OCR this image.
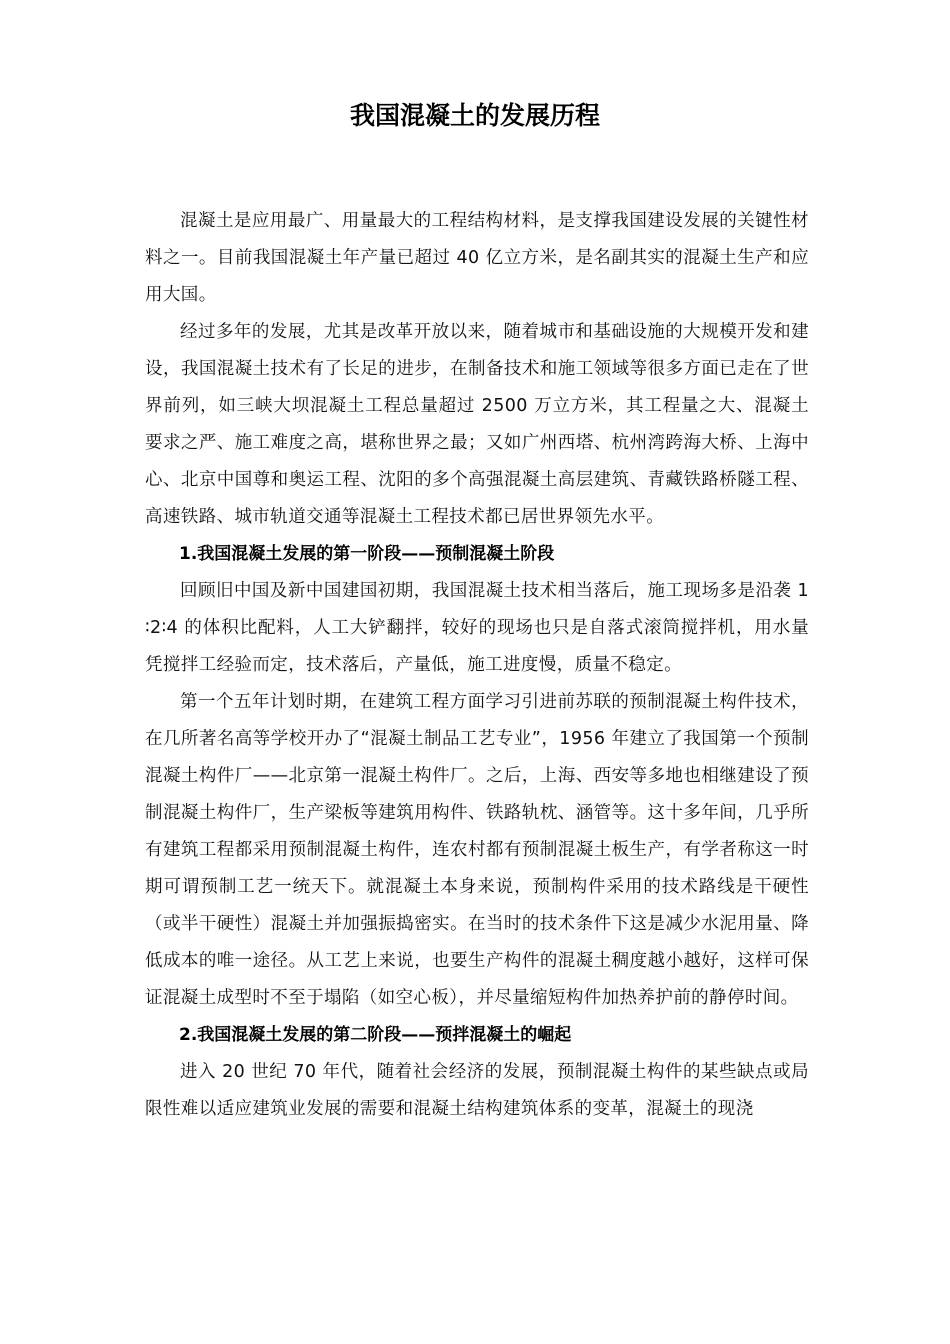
我国混凝土的发展历程

混凝土是应用最广、用量最大的工程结构材料，是支撑我国建设发展的关键性材料之一。目前我国混凝土年产量已超过 40 亿立方米，是名副其实的混凝土生产和应用大国。

经过多年的发展，尤其是改革开放以来，随着城市和基础设施的大规模开发和建设，我国混凝土技术有了长足的进步，在制备技术和施工领域等很多方面已走在了世界前列，如三峡大坝混凝土工程总量超过 2500 万立方米，其工程量之大、混凝土要求之严、施工难度之高，堪称世界之最；又如广州西塔、杭州湾跨海大桥、上海中心、北京中国尊和奥运工程、沈阳的多个高强混凝土高层建筑、青藏铁路桥隧工程、高速铁路、城市轨道交通等混凝土工程技术都已居世界领先水平。

1.我国混凝土发展的第一阶段——预制混凝土阶段

回顾旧中国及新中国建国初期，我国混凝土技术相当落后，施工现场多是沿袭 1∶2∶4 的体积比配料，人工大铲翻拌，较好的现场也只是自落式滚筒搅拌机，用水量凭搅拌工经验而定，技术落后，产量低，施工进度慢，质量不稳定。

第一个五年计划时期，在建筑工程方面学习引进前苏联的预制混凝土构件技术，在几所著名高等学校开办了“混凝土制品工艺专业”，1956 年建立了我国第一个预制混凝土构件厂——北京第一混凝土构件厂。之后，上海、西安等多地也相继建设了预制混凝土构件厂，生产梁板等建筑用构件、铁路轨枕、涵管等。这十多年间，几乎所有建筑工程都采用预制混凝土构件，连农村都有预制混凝土板生产，有学者称这一时期可谓预制工艺一统天下。就混凝土本身来说，预制构件采用的技术路线是干硬性（或半干硬性）混凝土并加强振捣密实。在当时的技术条件下这是减少水泥用量、降低成本的唯一途径。从工艺上来说，也要生产构件的混凝土稠度越小越好，这样可保证混凝土成型时不至于塌陷（如空心板），并尽量缩短构件加热养护前的静停时间。

2.我国混凝土发展的第二阶段——预拌混凝土的崛起

进入 20 世纪 70 年代，随着社会经济的发展，预制混凝土构件的某些缺点或局限性难以适应建筑业发展的需要和混凝土结构建筑体系的变革，混凝土的现浇
